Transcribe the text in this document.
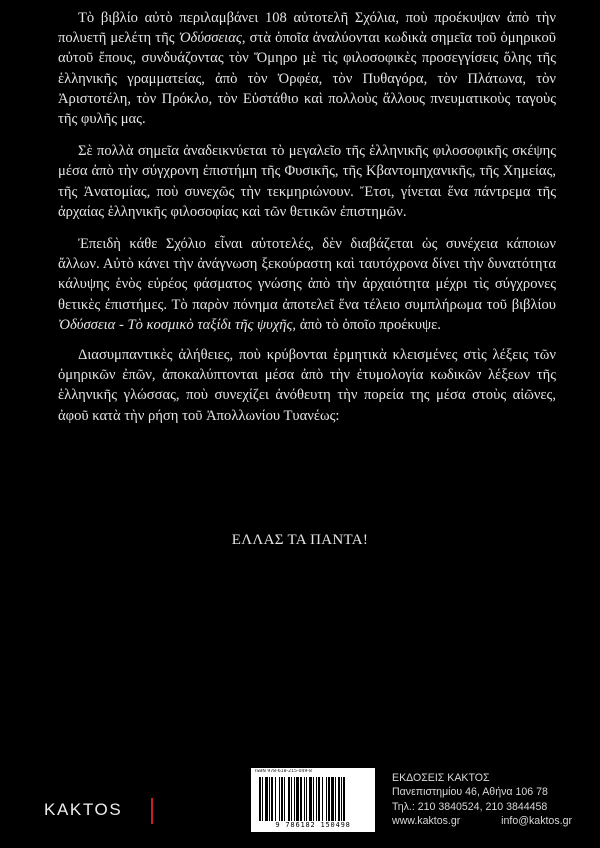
Τὸ βιβλίο αὐτὸ περιλαμβάνει 108 αὐτοτελῆ Σχόλια, ποὺ προέκυψαν ἀπὸ τὴν πολυετῆ μελέτη τῆς Ὀδύσσειας, στὰ ὁποῖα ἀναλύονται κωδικὰ σημεῖα τοῦ ὁμηρικοῦ αὐτοῦ ἔπους, συνδυάζοντας τὸν Ὅμηρο μὲ τὶς φιλοσοφικὲς προσεγγίσεις ὅλης τῆς ἑλληνικῆς γραμματείας, ἀπὸ τὸν Ὀρφέα, τὸν Πυθαγόρα, τὸν Πλάτωνα, τὸν Ἀριστοτέλη, τὸν Πρόκλο, τὸν Εὐστάθιο καὶ πολλοὺς ἄλλους πνευματικοὺς ταγοὺς τῆς φυλῆς μας.

Σὲ πολλὰ σημεῖα ἀναδεικνύεται τὸ μεγαλεῖο τῆς ἑλληνικῆς φιλοσοφικῆς σκέψης μέσα ἀπὸ τὴν σύγχρονη ἐπιστήμη τῆς Φυσικῆς, τῆς Κβαντομηχανικῆς, τῆς Χημείας, τῆς Ἀνατομίας, ποὺ συνεχῶς τὴν τεκμηριώνουν. Ἔτσι, γίνεται ἕνα πάντρεμα τῆς ἀρχαίας ἑλληνικῆς φιλοσοφίας καὶ τῶν θετικῶν ἐπιστημῶν.

Ἐπειδὴ κάθε Σχόλιο εἶναι αὐτοτελές, δὲν διαβάζεται ὡς συνέχεια κάποιων ἄλλων. Αὐτὸ κάνει τὴν ἀνάγνωση ξεκούραστη καὶ ταυτόχρονα δίνει τὴν δυνατότητα κάλυψης ἑνὸς εὐρέος φάσματος γνώσης ἀπὸ τὴν ἀρχαιότητα μέχρι τὶς σύγχρονες θετικὲς ἐπιστήμες. Τὸ παρὸν πόνημα ἀποτελεῖ ἕνα τέλειο συμπλήρωμα τοῦ βιβλίου Ὀδύσσεια - Τὸ κοσμικὸ ταξίδι τῆς ψυχῆς, ἀπὸ τὸ ὁποῖο προέκυψε.

Διασυμπαντικὲς ἀλήθειες, ποὺ κρύβονται ἑρμητικὰ κλεισμένες στὶς λέξεις τῶν ὁμηρικῶν ἐπῶν, ἀποκαλύπτονται μέσα ἀπὸ τὴν ἐτυμολογία κωδικῶν λέξεων τῆς ἑλληνικῆς γλώσσας, ποὺ συνεχίζει ἀνόθευτη τὴν πορεία της μέσα στοὺς αἰῶνες, ἀφοῦ κατὰ τὴν ρήση τοῦ Ἀπολλωνίου Τυανέως:

ΕΛΛΑΣ ΤΑ ΠΑΝΤΑ!
KAKTOS
ISBN 978-618-215-049-8
9 786182 150498
ΕΚΔΟΣΕΙΣ ΚΑΚΤΟΣ
Πανεπιστημίου 46, Αθήνα 106 78
Τηλ.: 210 3840524, 210 3844458
www.kaktos.gr	info@kaktos.gr
